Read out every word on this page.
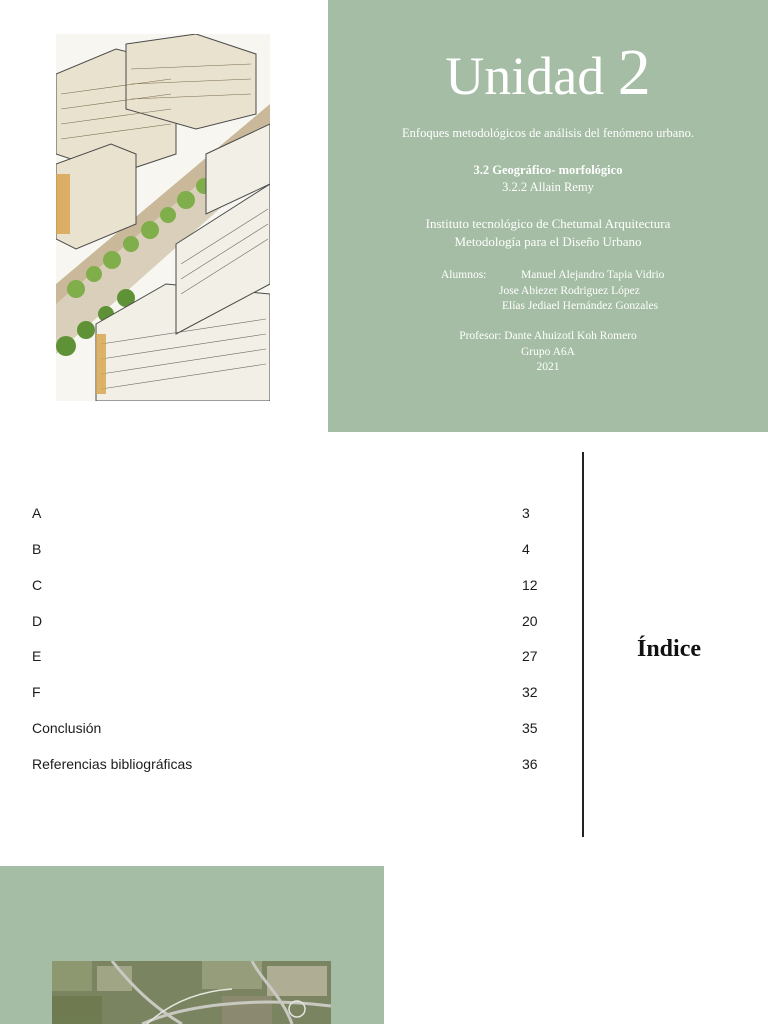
Unidad 2
Enfoques metodológicos de análisis del fenómeno urbano.
3.2 Geográfico- morfológico
3.2.2 Allain Remy
Instituto tecnológico de Chetumal Arquitectura
Metodología para el Diseño Urbano
Alumnos:	Manuel Alejandro Tapia Vidrio
Jose Abiezer Rodriguez López
Elías Jediael Hernández Gonzales
Profesor: Dante Ahuizotl Koh Romero
Grupo A6A
2021
A	3
B	4
C	12
D	20
E	27
F	32
Conclusión	35
Referencias bibliográficas	36
Índice
